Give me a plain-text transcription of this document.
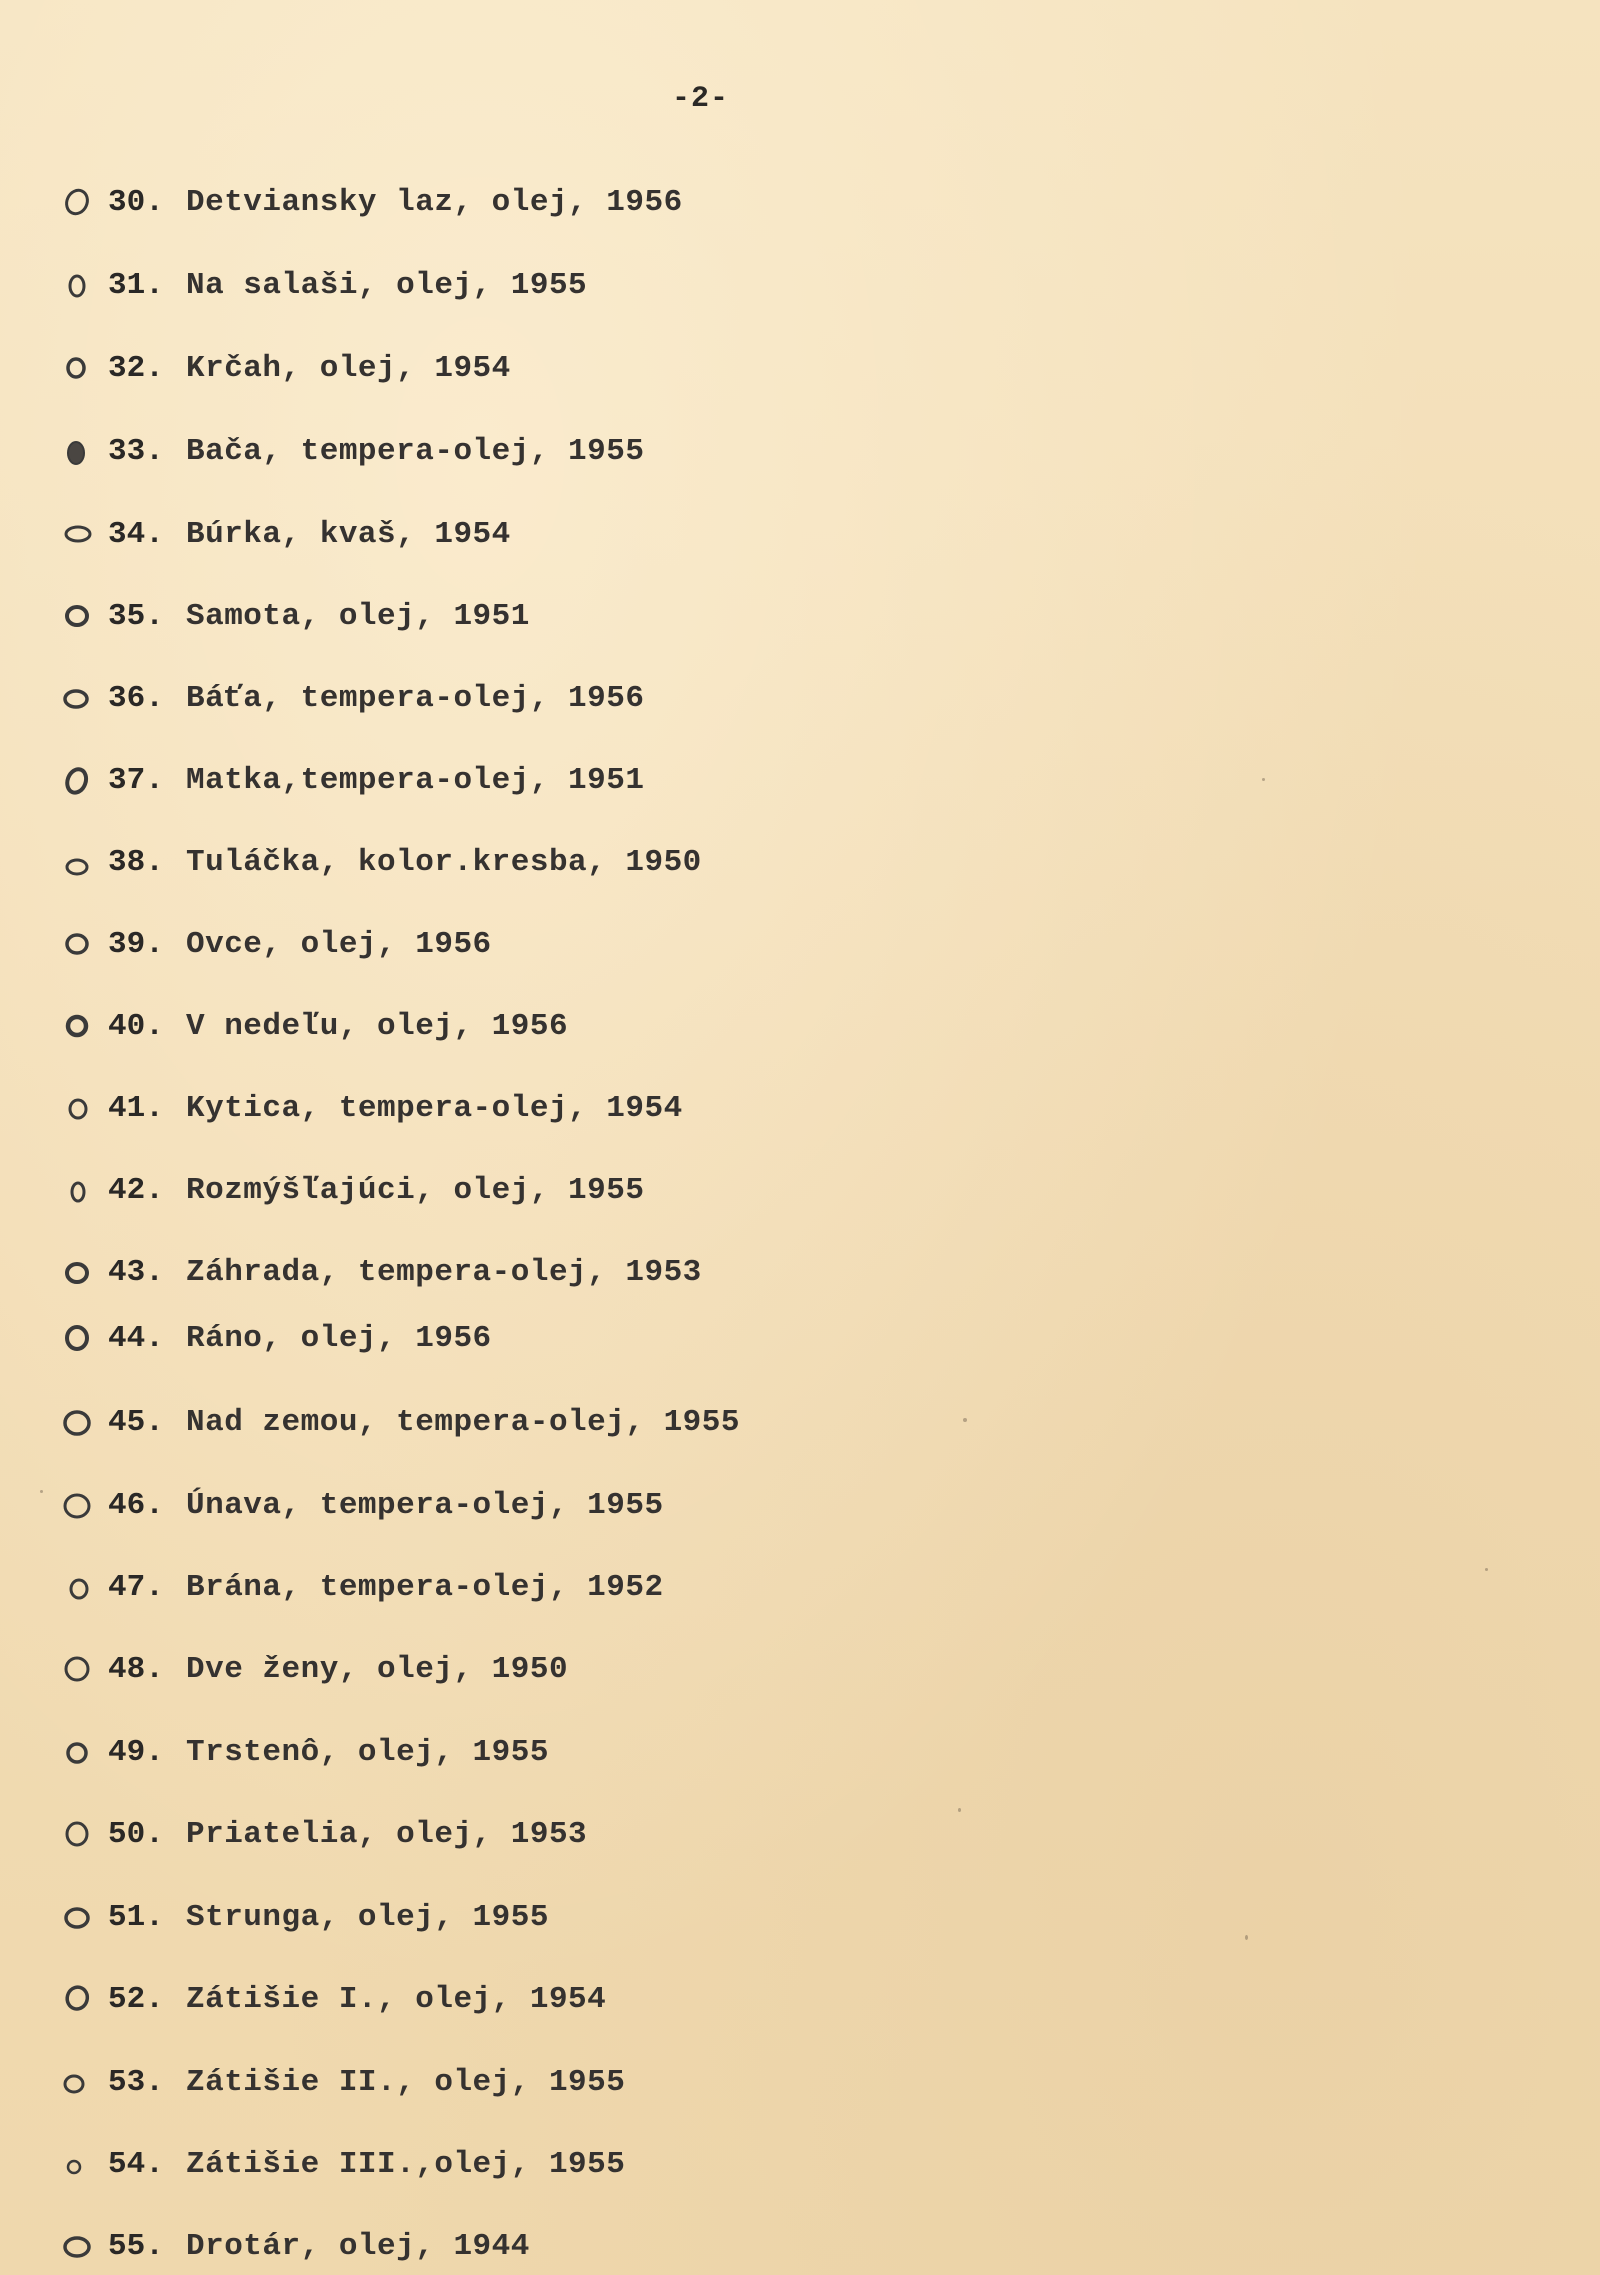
-2-
30. Detviansky laz, olej, 1956
31. Na salaši, olej, 1955
32. Krčah, olej, 1954
33. Bača, tempera-olej, 1955
34. Búrka, kvaš, 1954
35. Samota, olej, 1951
36. Báťa, tempera-olej, 1956
37. Matka,tempera-olej, 1951
38. Tuláčka, kolor.kresba, 1950
39. Ovce, olej, 1956
40. V nedeľu, olej, 1956
41. Kytica, tempera-olej, 1954
42. Rozmýšľajúci, olej, 1955
43. Záhrada, tempera-olej, 1953
44. Ráno, olej, 1956
45. Nad zemou, tempera-olej, 1955
46. Únava, tempera-olej, 1955
47. Brána, tempera-olej, 1952
48. Dve ženy, olej, 1950
49. Trstenô, olej, 1955
50. Priatelia, olej, 1953
51. Strunga, olej, 1955
52. Zátišie I., olej, 1954
53. Zátišie II., olej, 1955
54. Zátišie III.,olej, 1955
55. Drotár, olej, 1944
